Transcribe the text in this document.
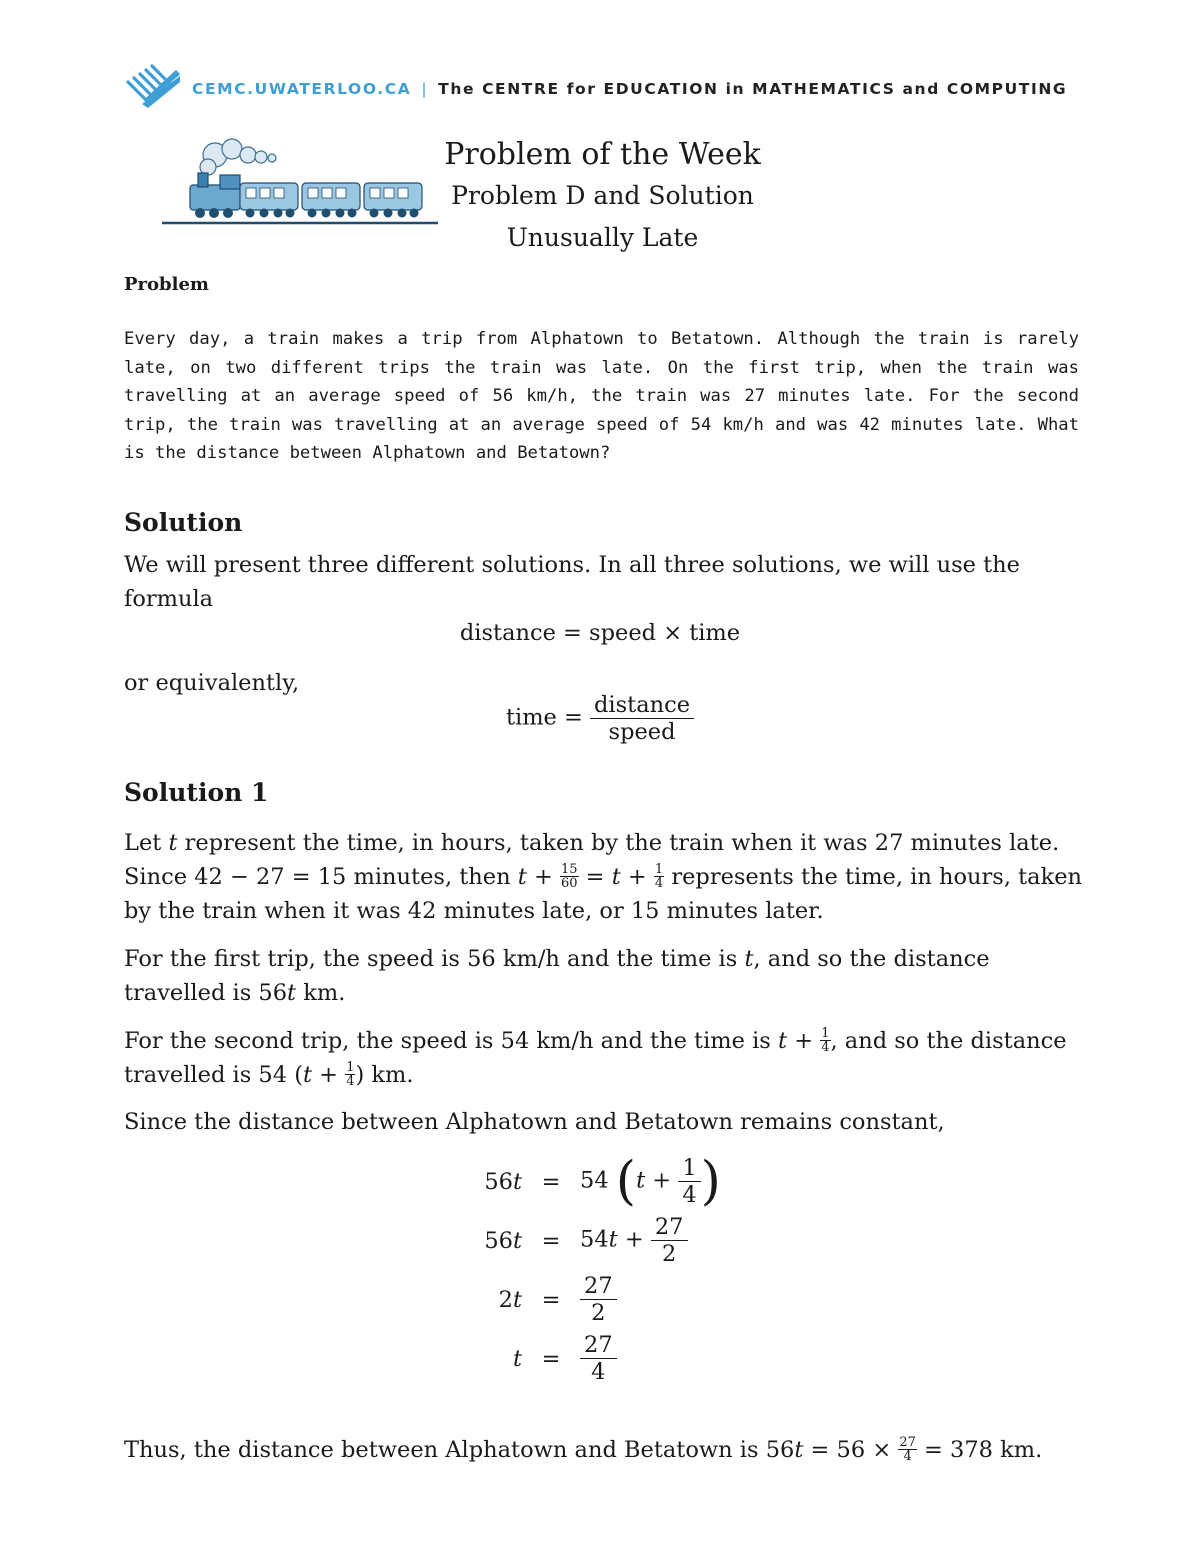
CEMC.UWATERLOO.CA | The CENTRE for EDUCATION in MATHEMATICS and COMPUTING
Problem of the Week
Problem D and Solution
Unusually Late
Problem

Every day, a train makes a trip from Alphatown to Betatown. Although the train is rarely late, on two different trips the train was late. On the first trip, when the train was travelling at an average speed of 56 km/h, the train was 27 minutes late. For the second trip, the train was travelling at an average speed of 54 km/h and was 42 minutes late. What is the distance between Alphatown and Betatown?

Solution

We will present three different solutions. In all three solutions, we will use the formula

distance = speed × time

or equivalently,

time = $\frac{\text{distance}}{\text{speed}}$
Solution 1

Let t represent the time, in hours, taken by the train when it was 27 minutes late. Since 42 − 27 = 15 minutes, then $t + \frac{15}{60} = t + \frac{1}{4}$ represents the time, in hours, taken by the train when it was 42 minutes late, or 15 minutes later.

For the first trip, the speed is 56 km/h and the time is t, and so the distance travelled is 56t km.

For the second trip, the speed is 54 km/h and the time is $t + \frac{1}{4}$ , and so the distance travelled is 54 ($t + \frac{1}{4}$ ) km.

Since the distance between Alphatown and Betatown remains constant,

56t	=	54 ($t + \frac{1}{4}$ )
56t	=	$54t + \frac{27}{2}$

2t	=	$\frac{27}{2}$

t	=	$\frac{27}{4}$

Thus, the distance between Alphatown and Betatown is $56t = 56 \times \frac{27}{4} = 378$ km.
